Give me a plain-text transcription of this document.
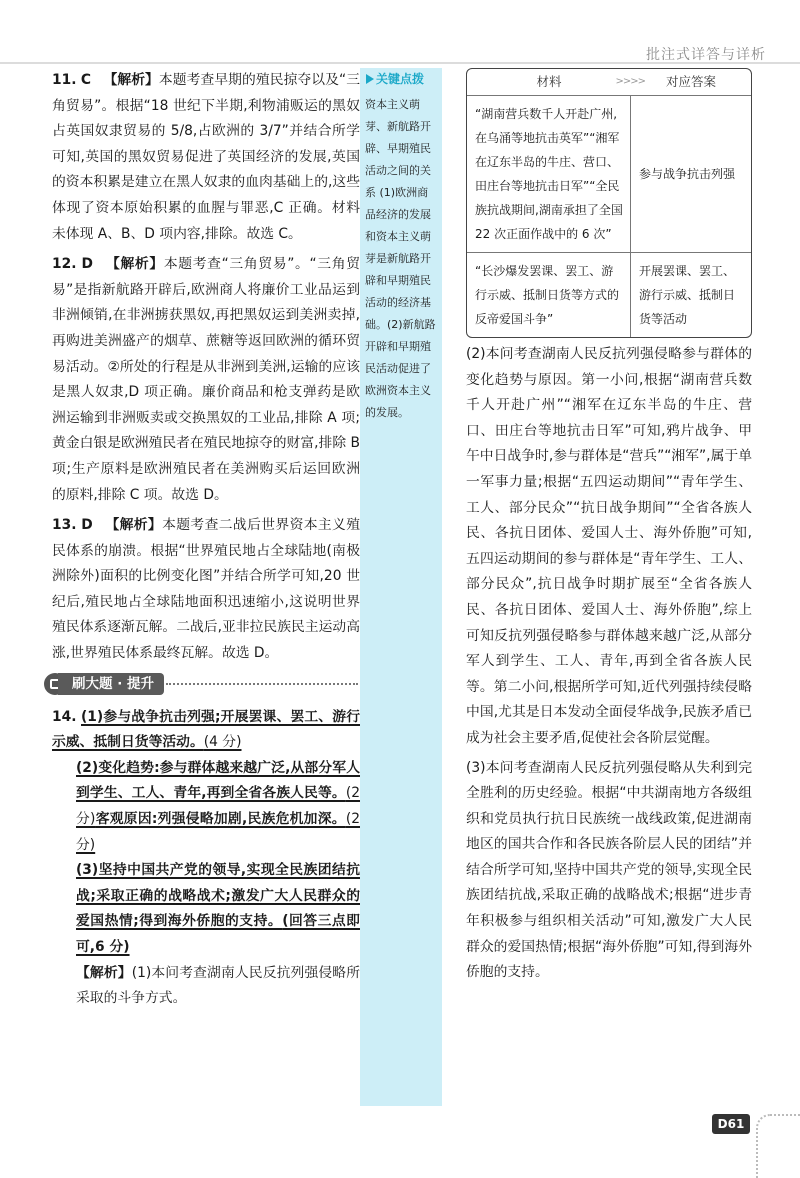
批注式详答与详析

11. C 【解析】本题考查早期的殖民掠夺以及“三角贸易”。根据“18 世纪下半期,利物浦贩运的黑奴占英国奴隶贸易的 5/8,占欧洲的 3/7”并结合所学可知,英国的黑奴贸易促进了英国经济的发展,英国的资本积累是建立在黑人奴隶的血肉基础上的,这些体现了资本原始积累的血腥与罪恶,C 正确。材料未体现 A、B、D 项内容,排除。故选 C。

12. D 【解析】本题考查“三角贸易”。“三角贸易”是指新航路开辟后,欧洲商人将廉价工业品运到非洲倾销,在非洲掳获黑奴,再把黑奴运到美洲卖掉,再购进美洲盛产的烟草、蔗糖等返回欧洲的循环贸易活动。②所处的行程是从非洲到美洲,运输的应该是黑人奴隶,D 项正确。廉价商品和枪支弹药是欧洲运输到非洲贩卖或交换黑奴的工业品,排除 A 项;黄金白银是欧洲殖民者在殖民地掠夺的财富,排除 B 项;生产原料是欧洲殖民者在美洲购买后运回欧洲的原料,排除 C 项。故选 D。

13. D 【解析】本题考查二战后世界资本主义殖民体系的崩溃。根据“世界殖民地占全球陆地(南极洲除外)面积的比例变化图”并结合所学可知,20 世纪后,殖民地占全球陆地面积迅速缩小,这说明世界殖民体系逐渐瓦解。二战后,亚非拉民族民主运动高涨,世界殖民体系最终瓦解。故选 D。

刷大题 · 提升

14. (1)参与战争抗击列强;开展罢课、罢工、游行示威、抵制日货等活动。(4 分)

(2)变化趋势:参与群体越来越广泛,从部分军人到学生、工人、青年,再到全省各族人民等。(2 分)客观原因:列强侵略加剧,民族危机加深。(2 分)

(3)坚持中国共产党的领导,实现全民族团结抗战;采取正确的战略战术;激发广大人民群众的爱国热情;得到海外侨胞的支持。(回答三点即可,6 分)

【解析】(1)本问考查湖南人民反抗列强侵略所采取的斗争方式。

关键点拨
资本主义萌芽、新航路开辟、早期殖民活动之间的关系 (1)欧洲商品经济的发展和资本主义萌芽是新航路开辟和早期殖民活动的经济基础。(2)新航路开辟和早期殖民活动促进了欧洲资本主义的发展。
材料 >>>>	对应答案
“湖南营兵数千人开赴广州,在乌涌等地抗击英军”“湘军在辽东半岛的牛庄、营口、田庄台等地抗击日军”“全民族抗战期间,湖南承担了全国 22 次正面作战中的 6 次”
参与战争抗击列强
“长沙爆发罢课、罢工、游行示威、抵制日货等方式的反帝爱国斗争”
开展罢课、罢工、游行示威、抵制日货等活动

(2)本问考查湖南人民反抗列强侵略参与群体的变化趋势与原因。第一小问,根据“湖南营兵数千人开赴广州”“湘军在辽东半岛的牛庄、营口、田庄台等地抗击日军”可知,鸦片战争、甲午中日战争时,参与群体是“营兵”“湘军”,属于单一军事力量;根据“五四运动期间”“青年学生、工人、部分民众”“抗日战争期间”“全省各族人民、各抗日团体、爱国人士、海外侨胞”可知,五四运动期间的参与群体是“青年学生、工人、部分民众”,抗日战争时期扩展至“全省各族人民、各抗日团体、爱国人士、海外侨胞”,综上可知反抗列强侵略参与群体越来越广泛,从部分军人到学生、工人、青年,再到全省各族人民等。第二小问,根据所学可知,近代列强持续侵略中国,尤其是日本发动全面侵华战争,民族矛盾已成为社会主要矛盾,促使社会各阶层觉醒。

(3)本问考查湖南人民反抗列强侵略从失利到完全胜利的历史经验。根据“中共湖南地方各级组织和党员执行抗日民族统一战线政策,促进湖南地区的国共合作和各民族各阶层人民的团结”并结合所学可知,坚持中国共产党的领导,实现全民族团结抗战,采取正确的战略战术;根据“进步青年积极参与组织相关活动”可知,激发广大人民群众的爱国热情;根据“海外侨胞”可知,得到海外侨胞的支持。

D61
